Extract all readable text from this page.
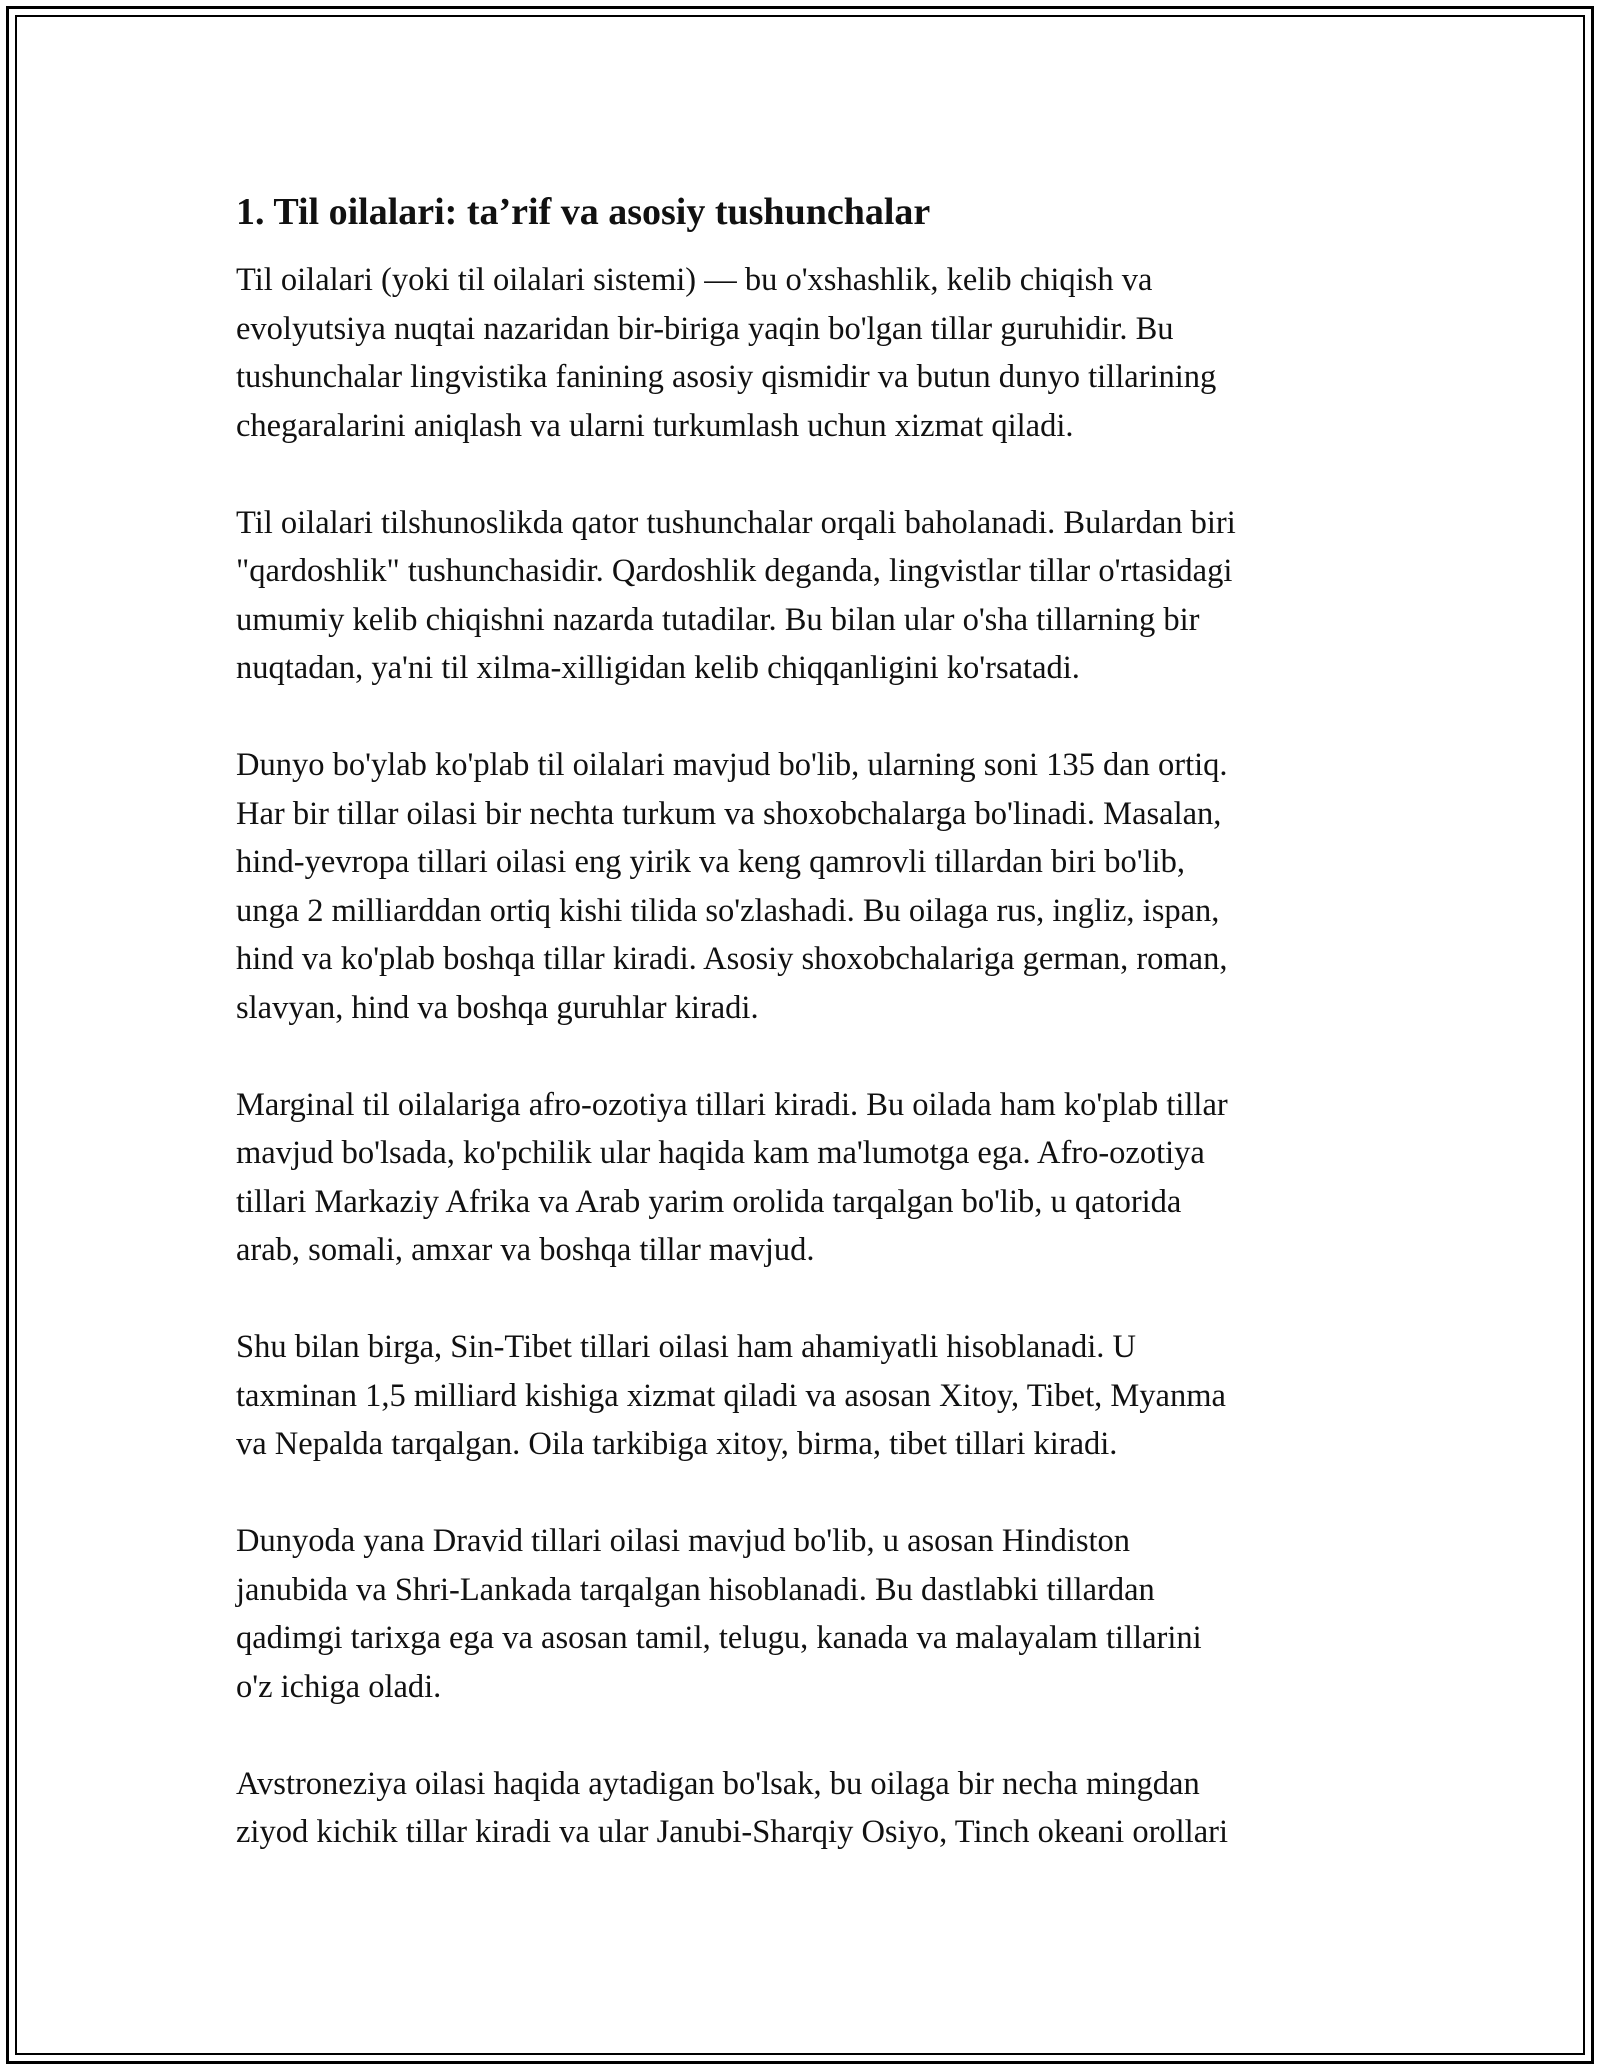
1. Til oilalari: ta’rif va asosiy tushunchalar

Til oilalari (yoki til oilalari sistemi) — bu o'xshashlik, kelib chiqish va
evolyutsiya nuqtai nazaridan bir-biriga yaqin bo'lgan tillar guruhidir. Bu
tushunchalar lingvistika fanining asosiy qismidir va butun dunyo tillarining
chegaralarini aniqlash va ularni turkumlash uchun xizmat qiladi.

Til oilalari tilshunoslikda qator tushunchalar orqali baholanadi. Bulardan biri
"qardoshlik" tushunchasidir. Qardoshlik deganda, lingvistlar tillar o'rtasidagi
umumiy kelib chiqishni nazarda tutadilar. Bu bilan ular o'sha tillarning bir
nuqtadan, ya'ni til xilma-xilligidan kelib chiqqanligini ko'rsatadi.

Dunyo bo'ylab ko'plab til oilalari mavjud bo'lib, ularning soni 135 dan ortiq.
Har bir tillar oilasi bir nechta turkum va shoxobchalarga bo'linadi. Masalan,
hind-yevropa tillari oilasi eng yirik va keng qamrovli tillardan biri bo'lib,
unga 2 milliarddan ortiq kishi tilida so'zlashadi. Bu oilaga rus, ingliz, ispan,
hind va ko'plab boshqa tillar kiradi. Asosiy shoxobchalariga german, roman,
slavyan, hind va boshqa guruhlar kiradi.

Marginal til oilalariga afro-ozotiya tillari kiradi. Bu oilada ham ko'plab tillar
mavjud bo'lsada, ko'pchilik ular haqida kam ma'lumotga ega. Afro-ozotiya
tillari Markaziy Afrika va Arab yarim orolida tarqalgan bo'lib, u qatorida
arab, somali, amxar va boshqa tillar mavjud.

Shu bilan birga, Sin-Tibet tillari oilasi ham ahamiyatli hisoblanadi. U
taxminan 1,5 milliard kishiga xizmat qiladi va asosan Xitoy, Tibet, Myanma
va Nepalda tarqalgan. Oila tarkibiga xitoy, birma, tibet tillari kiradi.

Dunyoda yana Dravid tillari oilasi mavjud bo'lib, u asosan Hindiston
janubida va Shri-Lankada tarqalgan hisoblanadi. Bu dastlabki tillardan
qadimgi tarixga ega va asosan tamil, telugu, kanada va malayalam tillarini
o'z ichiga oladi.

Avstroneziya oilasi haqida aytadigan bo'lsak, bu oilaga bir necha mingdan
ziyod kichik tillar kiradi va ular Janubi-Sharqiy Osiyo, Tinch okeani orollari
